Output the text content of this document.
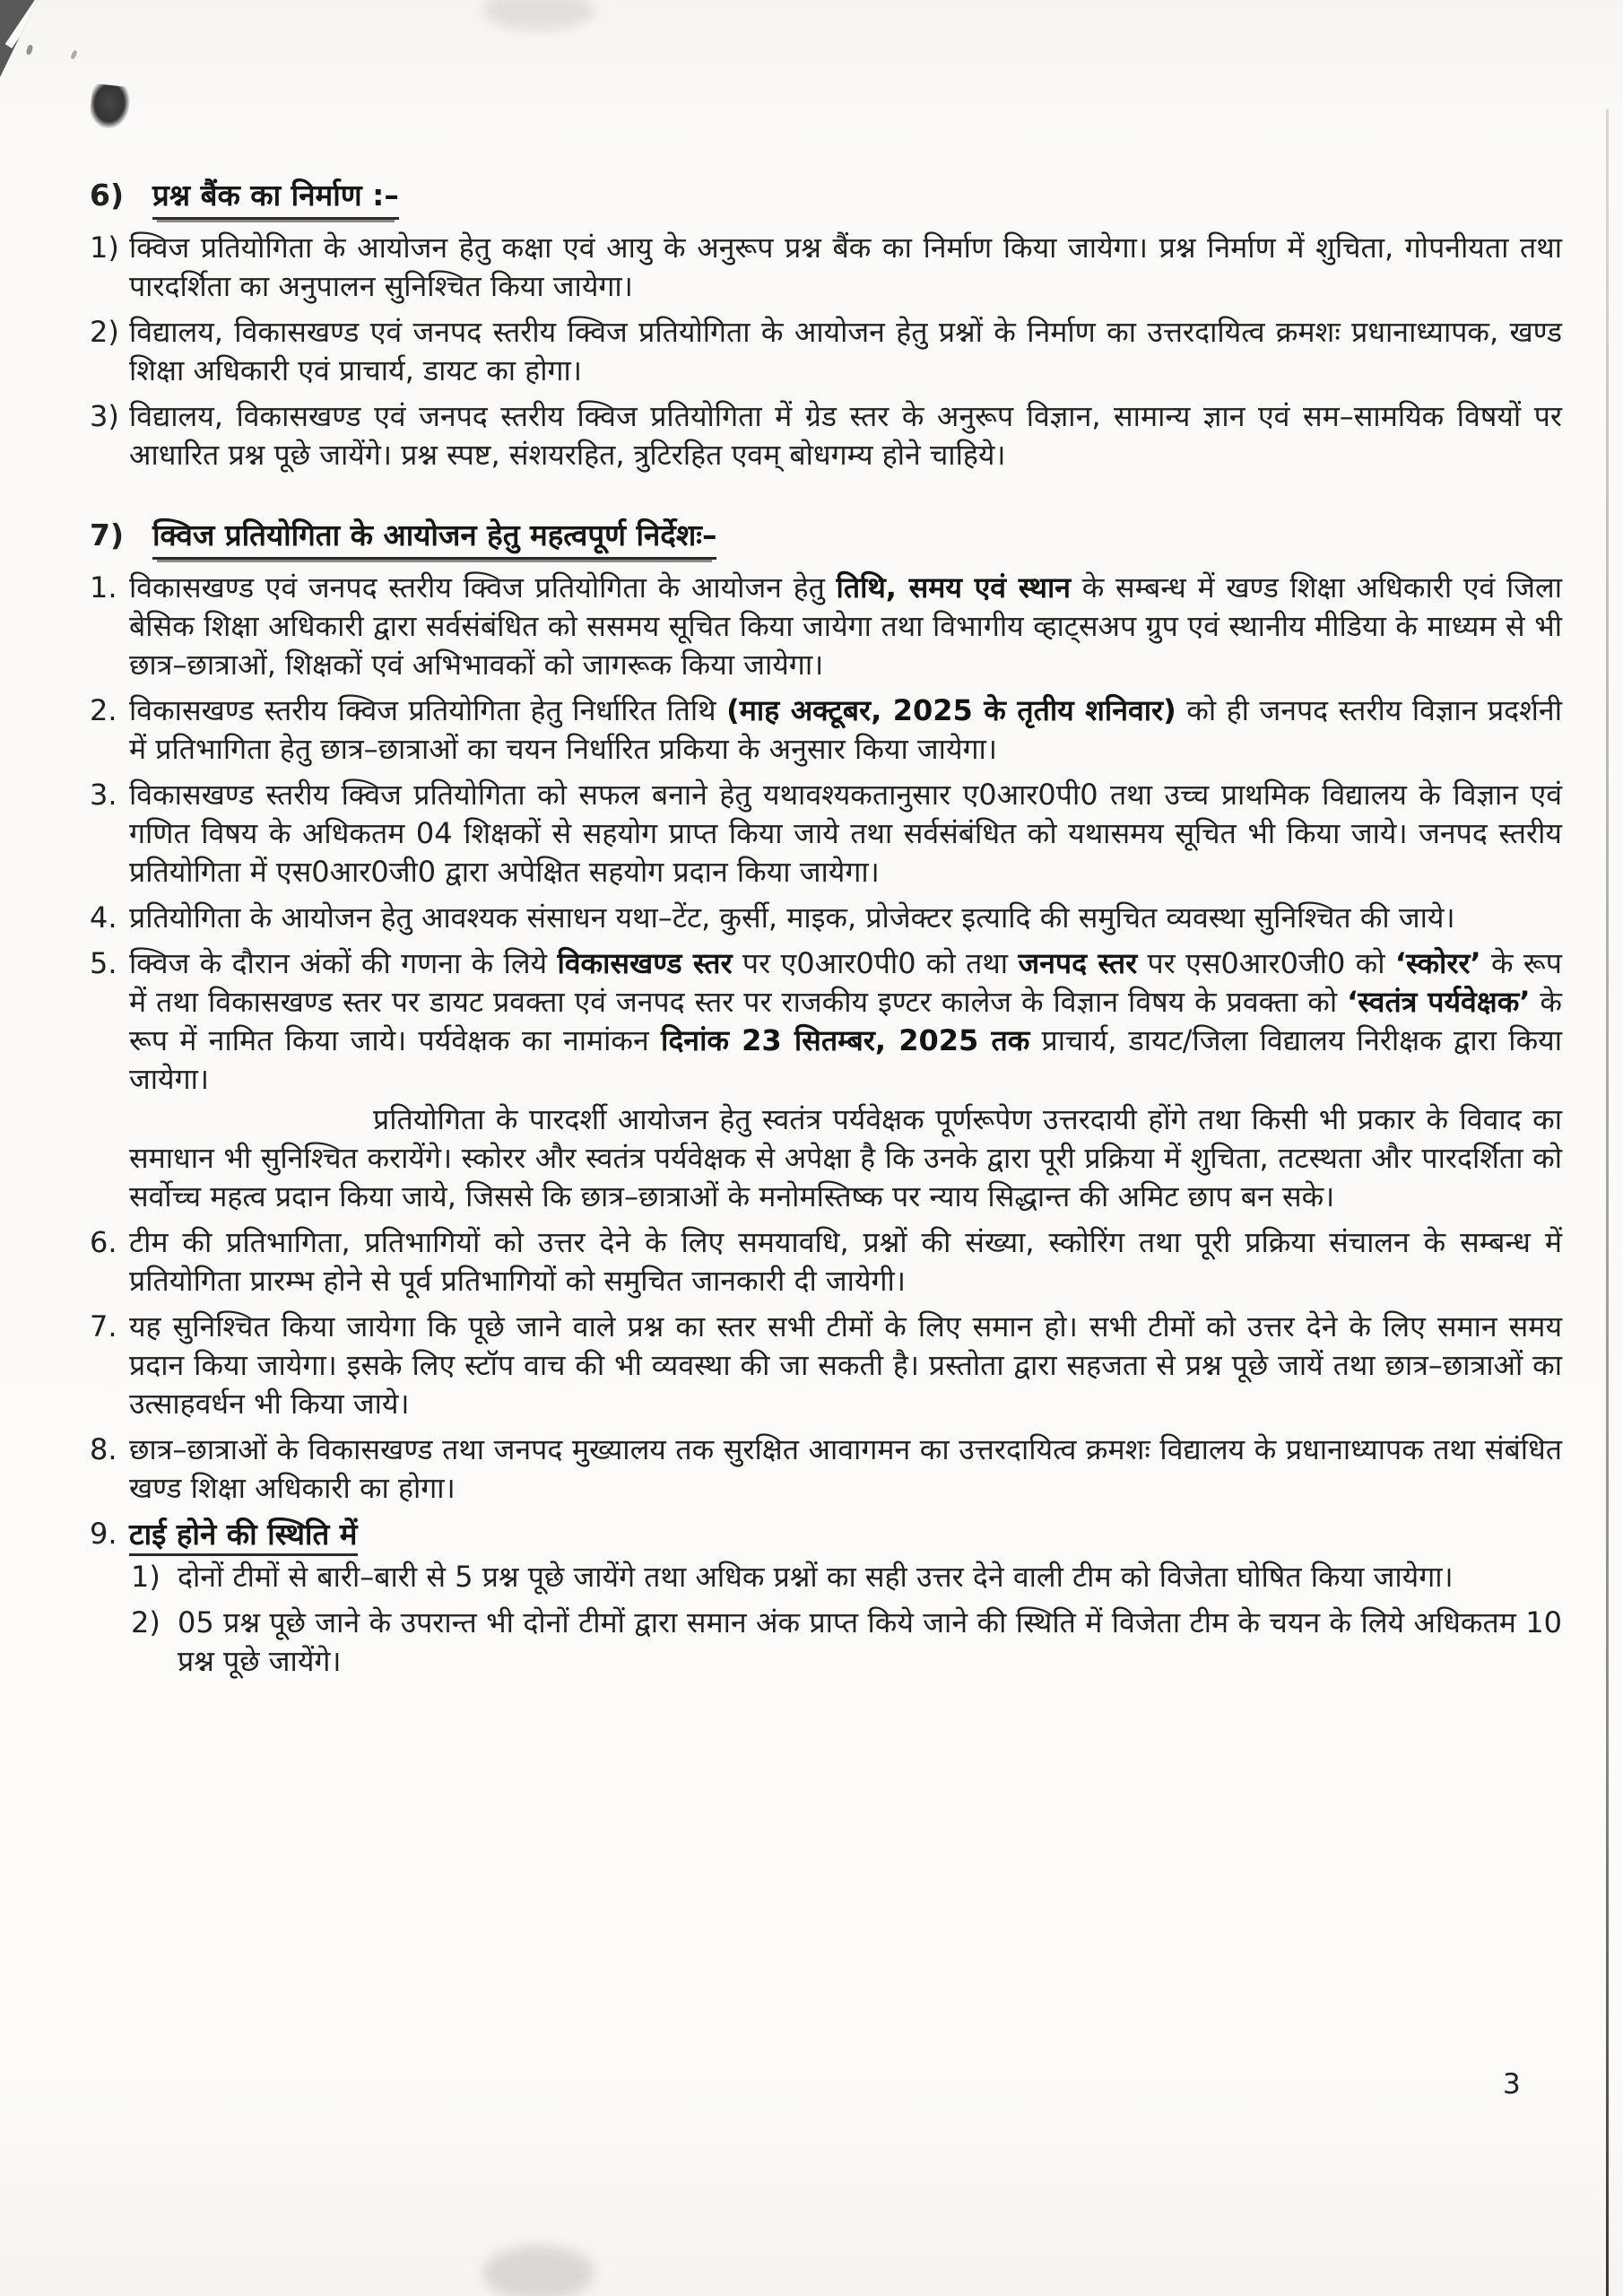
6) प्रश्न बैंक का निर्माण :–
1) क्विज प्रतियोगिता के आयोजन हेतु कक्षा एवं आयु के अनुरूप प्रश्न बैंक का निर्माण किया जायेगा। प्रश्न निर्माण में शुचिता, गोपनीयता तथा पारदर्शिता का अनुपालन सुनिश्चित किया जायेगा।
2) विद्यालय, विकासखण्ड एवं जनपद स्तरीय क्विज प्रतियोगिता के आयोजन हेतु प्रश्नों के निर्माण का उत्तरदायित्व क्रमशः प्रधानाध्यापक, खण्ड शिक्षा अधिकारी एवं प्राचार्य, डायट का होगा।
3) विद्यालय, विकासखण्ड एवं जनपद स्तरीय क्विज प्रतियोगिता में ग्रेड स्तर के अनुरूप विज्ञान, सामान्य ज्ञान एवं सम–सामयिक विषयों पर आधारित प्रश्न पूछे जायेंगे। प्रश्न स्पष्ट, संशयरहित, त्रुटिरहित एवम् बोधगम्य होने चाहिये।
7) क्विज प्रतियोगिता के आयोजन हेतु महत्वपूर्ण निर्देशः–
1. विकासखण्ड एवं जनपद स्तरीय क्विज प्रतियोगिता के आयोजन हेतु तिथि, समय एवं स्थान के सम्बन्ध में खण्ड शिक्षा अधिकारी एवं जिला बेसिक शिक्षा अधिकारी द्वारा सर्वसंबंधित को ससमय सूचित किया जायेगा तथा विभागीय व्हाट्सअप ग्रुप एवं स्थानीय मीडिया के माध्यम से भी छात्र–छात्राओं, शिक्षकों एवं अभिभावकों को जागरूक किया जायेगा।
2. विकासखण्ड स्तरीय क्विज प्रतियोगिता हेतु निर्धारित तिथि (माह अक्टूबर, 2025 के तृतीय शनिवार) को ही जनपद स्तरीय विज्ञान प्रदर्शनी में प्रतिभागिता हेतु छात्र–छात्राओं का चयन निर्धारित प्रकिया के अनुसार किया जायेगा।
3. विकासखण्ड स्तरीय क्विज प्रतियोगिता को सफल बनाने हेतु यथावश्यकतानुसार ए0आर0पी0 तथा उच्च प्राथमिक विद्यालय के विज्ञान एवं गणित विषय के अधिकतम 04 शिक्षकों से सहयोग प्राप्त किया जाये तथा सर्वसंबंधित को यथासमय सूचित भी किया जाये। जनपद स्तरीय प्रतियोगिता में एस0आर0जी0 द्वारा अपेक्षित सहयोग प्रदान किया जायेगा।
4. प्रतियोगिता के आयोजन हेतु आवश्यक संसाधन यथा–टेंट, कुर्सी, माइक, प्रोजेक्टर इत्यादि की समुचित व्यवस्था सुनिश्चित की जाये।
5. क्विज के दौरान अंकों की गणना के लिये विकासखण्ड स्तर पर ए0आर0पी0 को तथा जनपद स्तर पर एस0आर0जी0 को ‘स्कोरर’ के रूप में तथा विकासखण्ड स्तर पर डायट प्रवक्ता एवं जनपद स्तर पर राजकीय इण्टर कालेज के विज्ञान विषय के प्रवक्ता को ‘स्वतंत्र पर्यवेक्षक’ के रूप में नामित किया जाये। पर्यवेक्षक का नामांकन दिनांक 23 सितम्बर, 2025 तक प्राचार्य, डायट/जिला विद्यालय निरीक्षक द्वारा किया जायेगा।
प्रतियोगिता के पारदर्शी आयोजन हेतु स्वतंत्र पर्यवेक्षक पूर्णरूपेण उत्तरदायी होंगे तथा किसी भी प्रकार के विवाद का समाधान भी सुनिश्चित करायेंगे। स्कोरर और स्वतंत्र पर्यवेक्षक से अपेक्षा है कि उनके द्वारा पूरी प्रक्रिया में शुचिता, तटस्थता और पारदर्शिता को सर्वोच्च महत्व प्रदान किया जाये, जिससे कि छात्र–छात्राओं के मनोमस्तिष्क पर न्याय सिद्धान्त की अमिट छाप बन सके।
6. टीम की प्रतिभागिता, प्रतिभागियों को उत्तर देने के लिए समयावधि, प्रश्नों की संख्या, स्कोरिंग तथा पूरी प्रक्रिया संचालन के सम्बन्ध में प्रतियोगिता प्रारम्भ होने से पूर्व प्रतिभागियों को समुचित जानकारी दी जायेगी।
7. यह सुनिश्चित किया जायेगा कि पूछे जाने वाले प्रश्न का स्तर सभी टीमों के लिए समान हो। सभी टीमों को उत्तर देने के लिए समान समय प्रदान किया जायेगा। इसके लिए स्टॉप वाच की भी व्यवस्था की जा सकती है। प्रस्तोता द्वारा सहजता से प्रश्न पूछे जायें तथा छात्र–छात्राओं का उत्साहवर्धन भी किया जाये।
8. छात्र–छात्राओं के विकासखण्ड तथा जनपद मुख्यालय तक सुरक्षित आवागमन का उत्तरदायित्व क्रमशः विद्यालय के प्रधानाध्यापक तथा संबंधित खण्ड शिक्षा अधिकारी का होगा।
9. टाई होने की स्थिति में
1) दोनों टीमों से बारी–बारी से 5 प्रश्न पूछे जायेंगे तथा अधिक प्रश्नों का सही उत्तर देने वाली टीम को विजेता घोषित किया जायेगा।
2) 05 प्रश्न पूछे जाने के उपरान्त भी दोनों टीमों द्वारा समान अंक प्राप्त किये जाने की स्थिति में विजेता टीम के चयन के लिये अधिकतम 10 प्रश्न पूछे जायेंगे।
3
